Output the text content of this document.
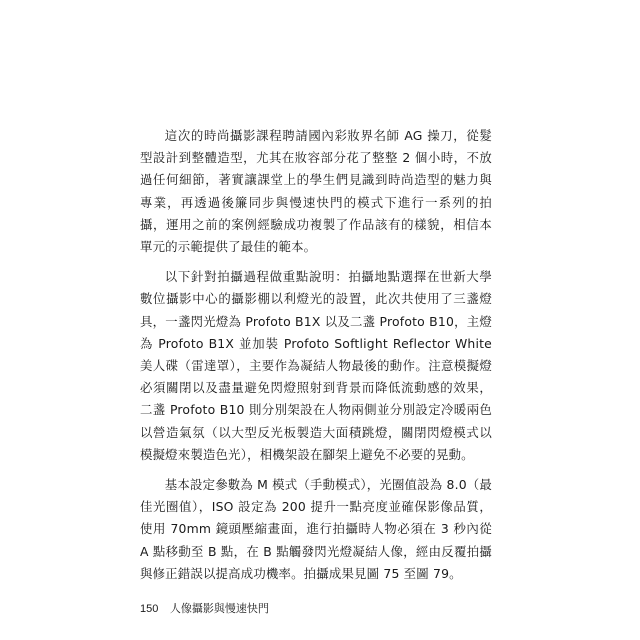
這次的時尚攝影課程聘請國內彩妝界名師 AG 操刀，從髮型設計到整體造型，尤其在妝容部分花了整整 2 個小時，不放過任何細節，著實讓課堂上的學生們見識到時尚造型的魅力與專業，再透過後簾同步與慢速快門的模式下進行一系列的拍攝，運用之前的案例經驗成功複製了作品該有的樣貌，相信本單元的示範提供了最佳的範本。

以下針對拍攝過程做重點說明：拍攝地點選擇在世新大學數位攝影中心的攝影棚以利燈光的設置，此次共使用了三盞燈具，一盞閃光燈為 Profoto B1X 以及二盞 Profoto B10，主燈為 Profoto B1X 並加裝 Profoto Softlight Reflector White 美人碟（雷達罩），主要作為凝結人物最後的動作。注意模擬燈必須關閉以及盡量避免閃燈照射到背景而降低流動感的效果，二盞 Profoto B10 則分別架設在人物兩側並分別設定冷暖兩色以營造氣氛（以大型反光板製造大面積跳燈，關閉閃燈模式以模擬燈來製造色光），相機架設在腳架上避免不必要的晃動。

基本設定參數為 M 模式（手動模式），光圈值設為 8.0（最佳光圈值），ISO 設定為 200 提升一點亮度並確保影像品質，使用 70mm 鏡頭壓縮畫面，進行拍攝時人物必須在 3 秒內從 A 點移動至 B 點，在 B 點觸發閃光燈凝結人像，經由反覆拍攝與修正錯誤以提高成功機率。拍攝成果見圖 75 至圖 79。

150 人像攝影與慢速快門
